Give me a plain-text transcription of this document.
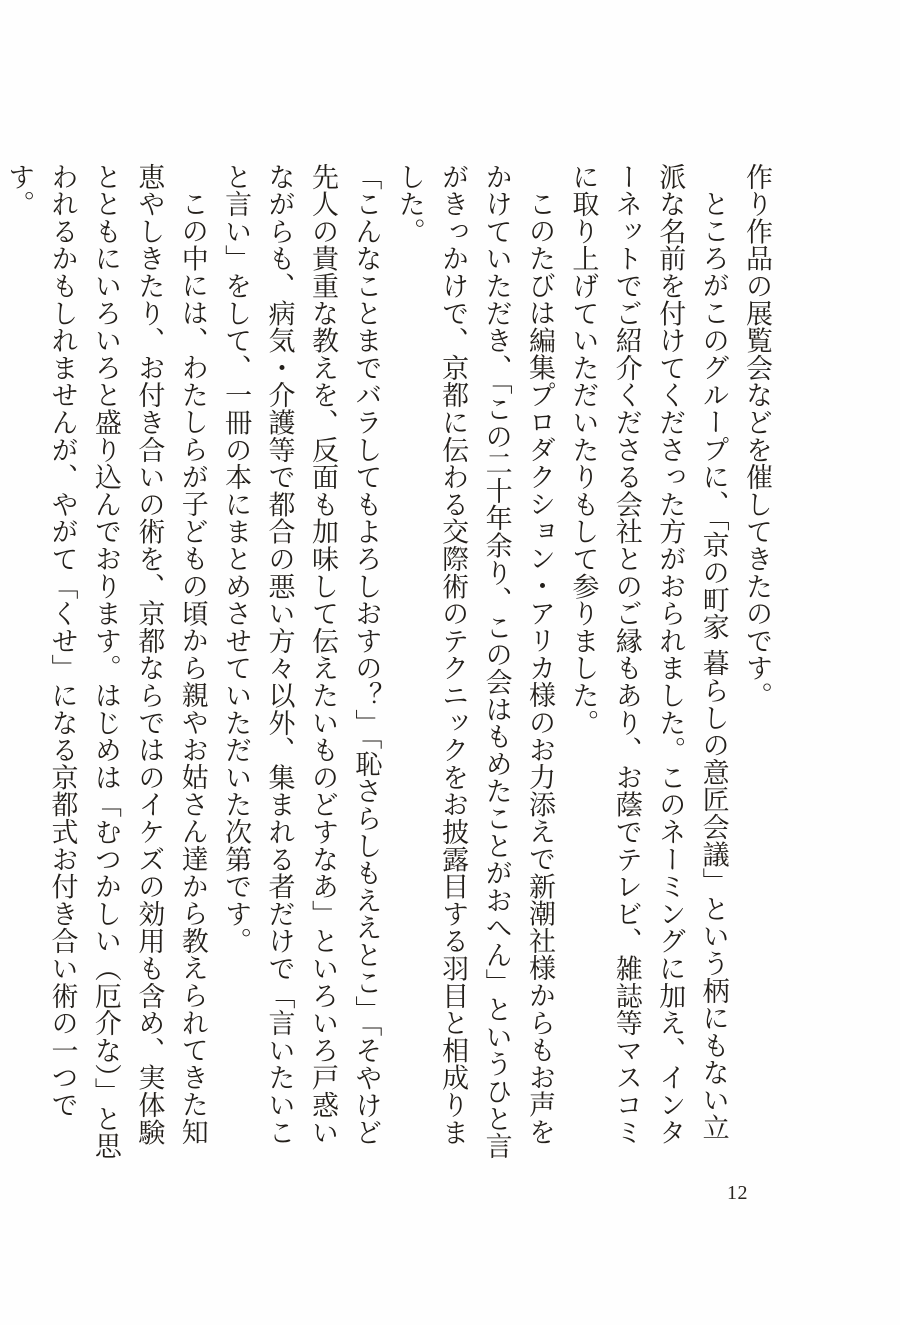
作り作品の展覧会などを催してきたのです。

ところがこのグループに、「京の町家 暮らしの意匠会議」という柄にもない立派な名前を付けてくださった方がおられました。このネーミングに加え、インターネットでご紹介くださる会社とのご縁もあり、お蔭でテレビ、雑誌等マスコミに取り上げていただいたりもして参りました。

このたびは編集プロダクション・アリカ様のお力添えで新潮社様からもお声をかけていただき、「この二十年余り、この会はもめたことがおへん」というひと言がきっかけで、京都に伝わる交際術のテクニックをお披露目する羽目と相成りました。

「こんなことまでバラしてもよろしおすの？」「恥さらしもええとこ」「そやけど先人の貴重な教えを、反面も加味して伝えたいものどすなあ」といろいろ戸惑いながらも、病気・介護等で都合の悪い方々以外、集まれる者だけで「言いたいこと言い」をして、一冊の本にまとめさせていただいた次第です。

この中には、わたしらが子どもの頃から親やお姑さん達から教えられてきた知恵やしきたり、お付き合いの術を、京都ならではのイケズの効用も含め、実体験とともにいろいろと盛り込んでおります。はじめは「むつかしい（厄介な）」と思われるかもしれませんが、やがて「くせ」になる京都式お付き合い術の一つです。

12
